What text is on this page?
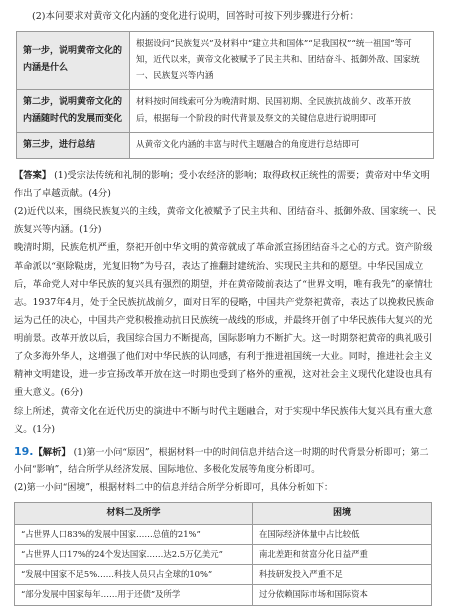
(2)本问要求对黄帝文化内涵的变化进行说明，回答时可按下列步骤进行分析：

第一步，说明黄帝文化的内涵是什么	根据设问“民族复兴”及材料中“建立共和国体”“足我国权”“统一祖国”等可知，近代以来，黄帝文化被赋予了民主共和、团结奋斗、抵御外敌、国家统一、民族复兴等内涵
第二步，说明黄帝文化的内涵随时代的发展而变化	材料按时间线索可分为晚清时期、民国初期、全民族抗战前夕、改革开放后，根据每一个阶段的时代背景及祭文的关键信息进行说明即可
第三步，进行总结	从黄帝文化内涵的丰富与时代主题融合的角度进行总结即可

【答案】 (1)受宗法传统和礼制的影响；受小农经济的影响；取得政权正统性的需要；黄帝对中华文明作出了卓越贡献。(4分)

(2)近代以来，围绕民族复兴的主线，黄帝文化被赋予了民主共和、团结奋斗、抵御外敌、国家统一、民族复兴等内涵。(1分)

晚清时期，民族危机严重，祭祀开创中华文明的黄帝就成了革命派宣扬团结奋斗之心的方式。资产阶级革命派以“驱除鞑虏，光复旧物”为号召，表达了推翻封建统治、实现民主共和的愿望。中华民国成立后，革命党人对中华民族的复兴具有强烈的期望，并在黄帝陵前表达了“世界文明，唯有我先”的豪情壮志。1937年4月，处于全民族抗战前夕，面对日军的侵略，中国共产党祭祀黄帝，表达了以挽救民族命运为己任的决心，中国共产党积极推动抗日民族统一战线的形成，并最终开创了中华民族伟大复兴的光明前景。改革开放以后，我国综合国力不断提高，国际影响力不断扩大。这一时期祭祀黄帝的典礼吸引了众多海外华人，这增强了他们对中华民族的认同感，有利于推进祖国统一大业。同时，推进社会主义精神文明建设，进一步宣扬改革开放在这一时期也受到了格外的重视，这对社会主义现代化建设也具有重大意义。(6分)

综上所述，黄帝文化在近代历史的演进中不断与时代主题融合，对于实现中华民族伟大复兴具有重大意义。(1分)

19.【解析】 (1)第一小问“原因”，根据材料一中的时间信息并结合这一时期的时代背景分析即可；第二小问“影响”，结合所学从经济发展、国际地位、多极化发展等角度分析即可。

(2)第一小问“困境”，根据材料二中的信息并结合所学分析即可，具体分析如下：

材料二及所学	困境
“占世界人口83%的发展中国家……总值的21%”	在国际经济体量中占比较低
“占世界人口17%的24个发达国家……达2.5万亿美元”	南北差距和贫富分化日益严重
“发展中国家不足5%……科技人员只占全球的10%”	科技研发投入严重不足
“部分发展中国家每年……用于还债”及所学	过分依赖国际市场和国际资本
